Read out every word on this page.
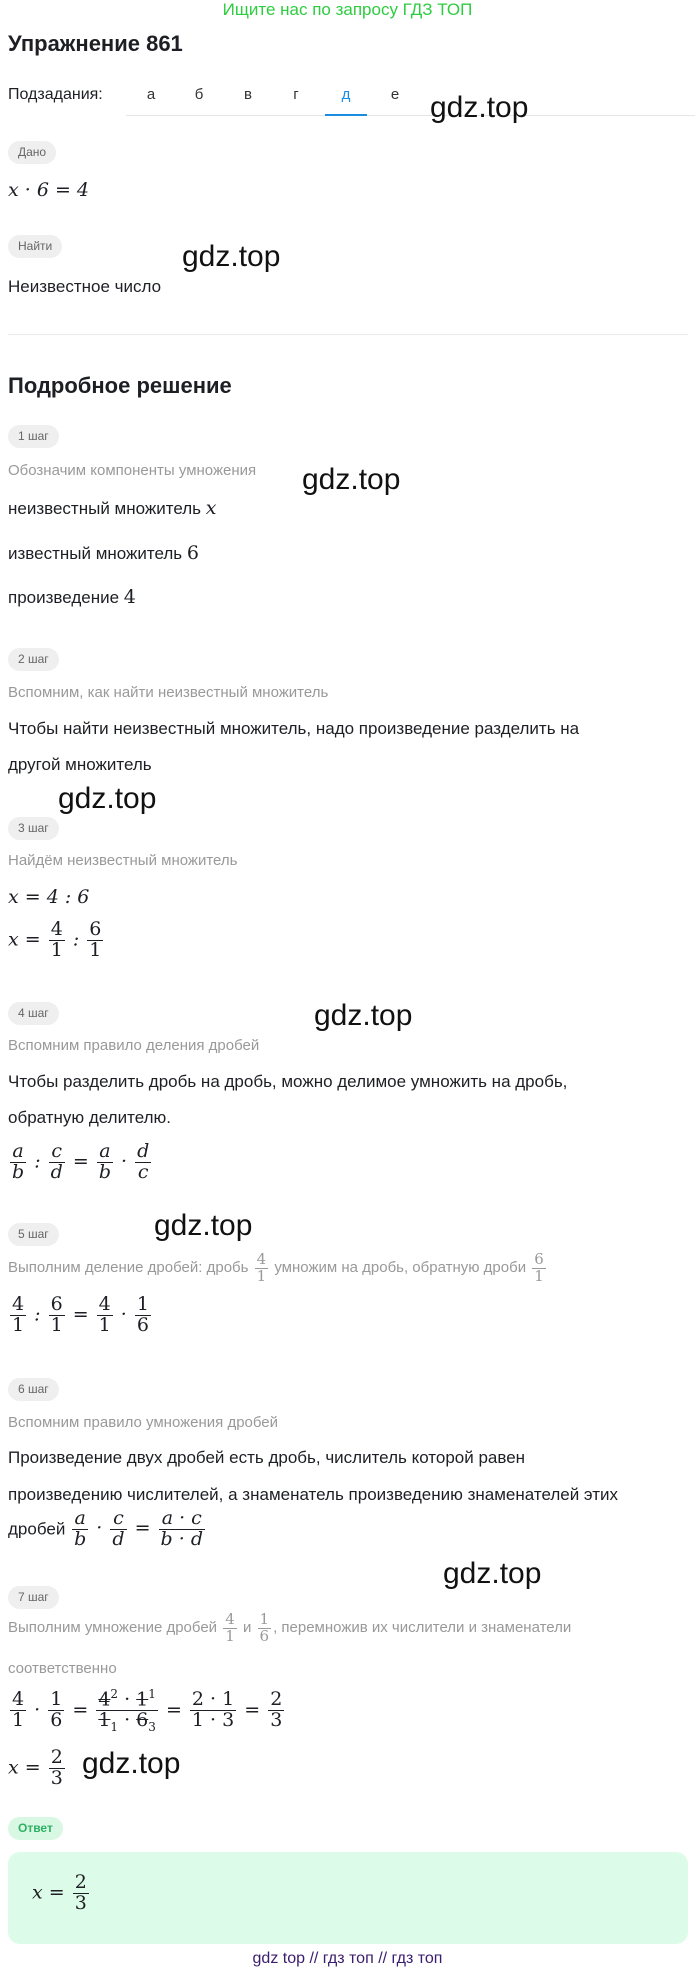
Ищите нас по запросу ГДЗ ТОП
Упражнение 861
Подзадания:	а	б	в	г	д	е	gdz.top
gdz.top
gdz.top
gdz.top
gdz.top
gdz.top
gdz.top
gdz.top
Дано
x · 6 = 4
Найти
Неизвестное число
Подробное решение
1 шаг
Обозначим компоненты умножения
неизвестный множитель x
известный множитель 6
произведение 4
2 шаг
Вспомним, как найти неизвестный множитель
Чтобы найти неизвестный множитель, надо произведение разделить на
другой множитель
3 шаг
Найдём неизвестный множитель
x = 4 : 6
$x = \frac{4}{1}$ : $\frac{6}{1}$
4 шаг
Вспомним правило деления дробей
Чтобы разделить дробь на дробь, можно делимое умножить на дробь,
обратную делителю.
$\frac{a}{b}$ : $\frac{c}{d} = \frac{a}{b} \cdot \frac{d}{c}$
5 шаг
Выполним деление дробей: дробь $\frac{4}{1}$ умножим на дробь, обратную дроби $\frac{6}{1}$
$\frac{4}{1}$ : $\frac{6}{1} = \frac{4}{1} \cdot \frac{1}{6}$
6 шаг
Вспомним правило умножения дробей
Произведение двух дробей есть дробь, числитель которой равен
произведению числителей, а знаменатель произведению знаменателей этих
дробей $\frac{a}{b} \cdot \frac{c}{d} = \frac{a \cdot c}{b \cdot d}$
7 шаг
Выполним умножение дробей $\frac{4}{1}$ и $\frac{1}{6}$ , перемножив их числители и знаменатели
соответственно
$\frac{4}{1} \cdot \frac{1}{6} = \frac{4^2 \cdot 1^1}{1_1 \cdot 6_3} = \frac{2 \cdot 1}{1 \cdot 3} = \frac{2}{3}$
$x = \frac{2}{3}$
Ответ
$x = \frac{2}{3}$
gdz top // гдз топ // гдз топ
